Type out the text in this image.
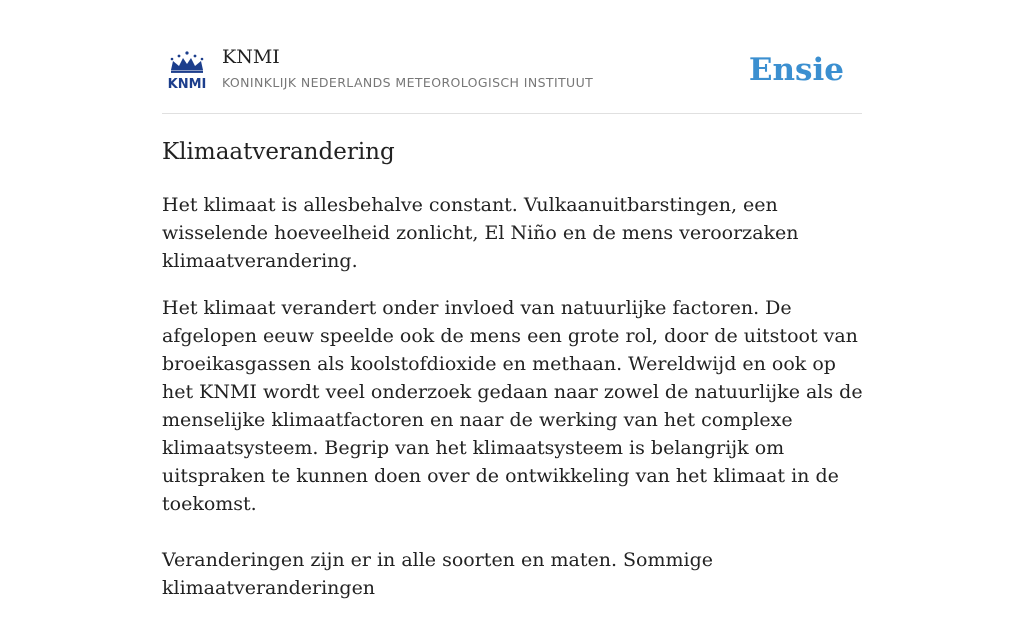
KNMI
KNMI
KONINKLIJK NEDERLANDS METEOROLOGISCH INSTITUUT	Ensie
Klimaatverandering

Het klimaat is allesbehalve constant. Vulkaanuitbarstingen, een wisselende hoeveelheid zonlicht, El Niño en de mens veroorzaken klimaatverandering.

Het klimaat verandert onder invloed van natuurlijke factoren. De afgelopen eeuw speelde ook de mens een grote rol, door de uitstoot van broeikasgassen als koolstofdioxide en methaan. Wereldwijd en ook op het KNMI wordt veel onderzoek gedaan naar zowel de natuurlijke als de menselijke klimaatfactoren en naar de werking van het complexe klimaatsysteem. Begrip van het klimaatsysteem is belangrijk om uitspraken te kunnen doen over de ontwikkeling van het klimaat in de toekomst.

Veranderingen zijn er in alle soorten en maten. Sommige klimaatveranderingen
